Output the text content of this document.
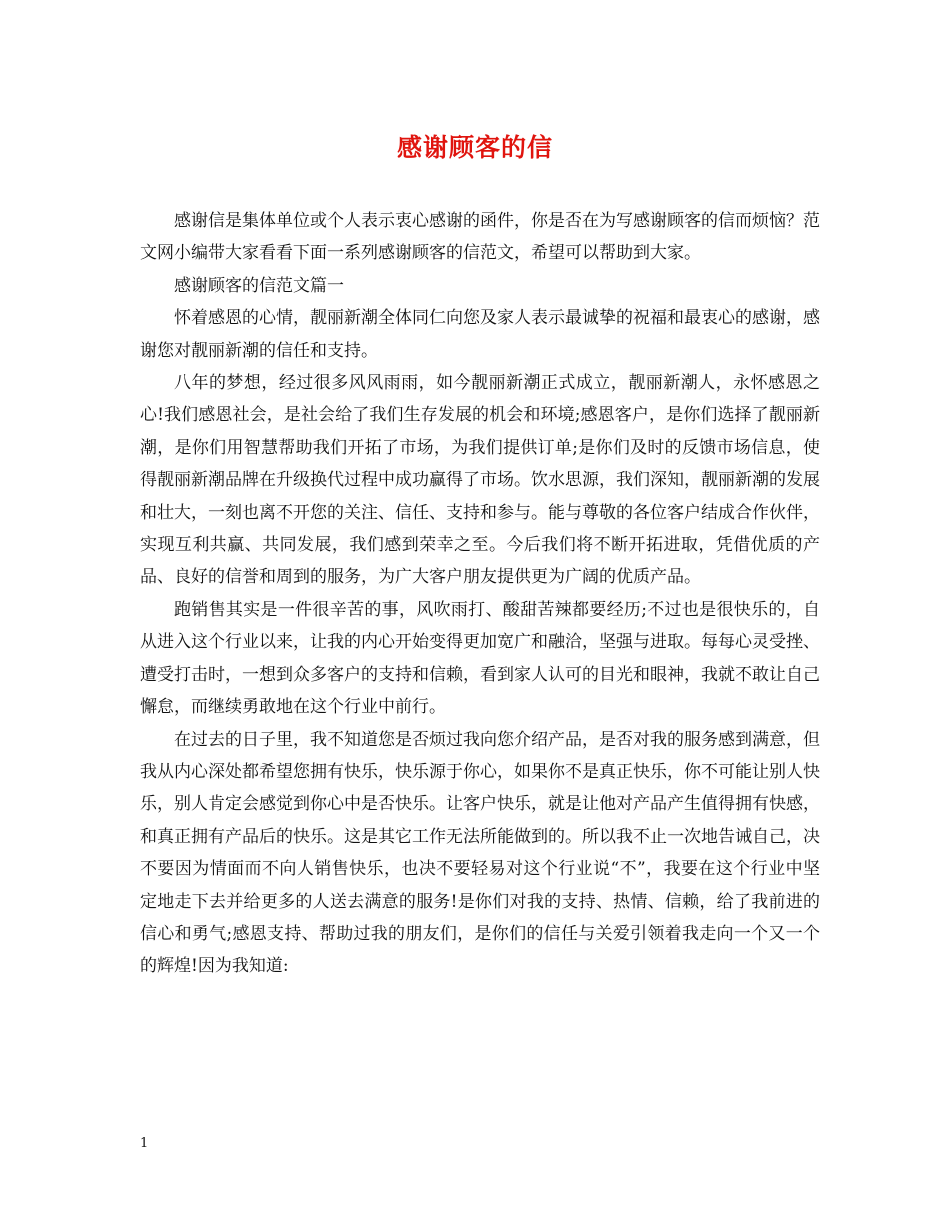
感谢顾客的信

感谢信是集体单位或个人表示衷心感谢的函件，你是否在为写感谢顾客的信而烦恼？范文网小编带大家看看下面一系列感谢顾客的信范文，希望可以帮助到大家。

感谢顾客的信范文篇一

怀着感恩的心情，靓丽新潮全体同仁向您及家人表示最诚挚的祝福和最衷心的感谢，感谢您对靓丽新潮的信任和支持。

八年的梦想，经过很多风风雨雨，如今靓丽新潮正式成立，靓丽新潮人，永怀感恩之心!我们感恩社会，是社会给了我们生存发展的机会和环境;感恩客户，是你们选择了靓丽新潮，是你们用智慧帮助我们开拓了市场，为我们提供订单;是你们及时的反馈市场信息，使得靓丽新潮品牌在升级换代过程中成功赢得了市场。饮水思源，我们深知，靓丽新潮的发展和壮大，一刻也离不开您的关注、信任、支持和参与。能与尊敬的各位客户结成合作伙伴，实现互利共赢、共同发展，我们感到荣幸之至。今后我们将不断开拓进取，凭借优质的产品、良好的信誉和周到的服务，为广大客户朋友提供更为广阔的优质产品。

跑销售其实是一件很辛苦的事，风吹雨打、酸甜苦辣都要经历;不过也是很快乐的，自从进入这个行业以来，让我的内心开始变得更加宽广和融洽，坚强与进取。每每心灵受挫、遭受打击时，一想到众多客户的支持和信赖，看到家人认可的目光和眼神，我就不敢让自己懈怠，而继续勇敢地在这个行业中前行。

在过去的日子里，我不知道您是否烦过我向您介绍产品，是否对我的服务感到满意，但我从内心深处都希望您拥有快乐，快乐源于你心，如果你不是真正快乐，你不可能让别人快乐，别人肯定会感觉到你心中是否快乐。让客户快乐，就是让他对产品产生值得拥有快感，和真正拥有产品后的快乐。这是其它工作无法所能做到的。所以我不止一次地告诫自己，决不要因为情面而不向人销售快乐，也决不要轻易对这个行业说“不”，我要在这个行业中坚定地走下去并给更多的人送去满意的服务!是你们对我的支持、热情、信赖，给了我前进的信心和勇气;感恩支持、帮助过我的朋友们，是你们的信任与关爱引领着我走向一个又一个的辉煌!因为我知道:

1
